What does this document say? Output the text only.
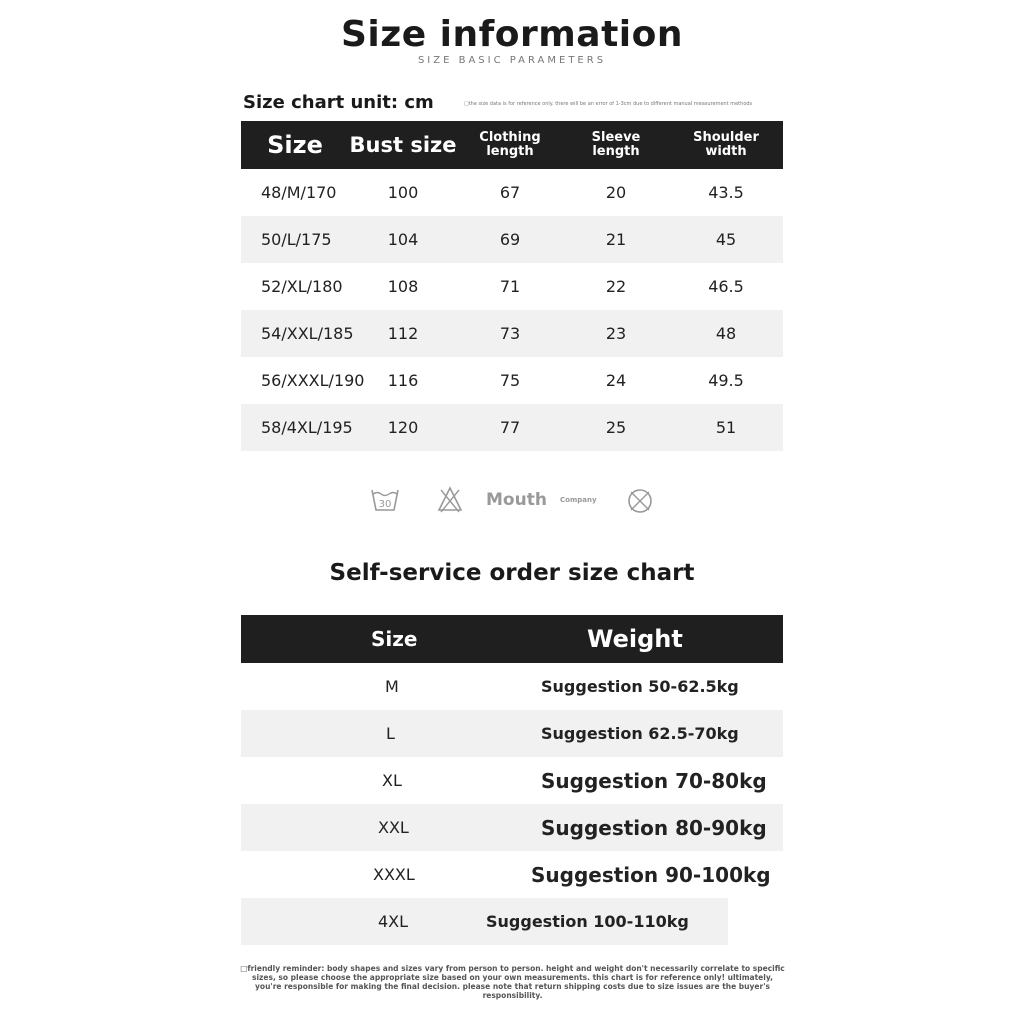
Size information
SIZE BASIC PARAMETERS
Size chart unit: cm	□the size data is for reference only. there will be an error of 1-3cm due to different manual measurement methods
Size	Bust size	Clothing length	Sleeve length	Shoulder width
48/M/170	100	67	20	43.5
50/L/175	104	69	21	45
52/XL/180	108	71	22	46.5
54/XXL/185	112	73	23	48
56/XXXL/190	116	75	24	49.5
58/4XL/195	120	77	25	51
30	Mouth Company
Self-service order size chart
Size	Weight
M	Suggestion 50-62.5kg
L	Suggestion 62.5-70kg
XL	Suggestion 70-80kg
XXL	Suggestion 80-90kg
XXXL	Suggestion 90-100kg
4XL	Suggestion 100-110kg
□friendly reminder: body shapes and sizes vary from person to person. height and weight don't necessarily correlate to specific sizes, so please choose the appropriate size based on your own measurements. this chart is for reference only! ultimately, you're responsible for making the final decision. please note that return shipping costs due to size issues are the buyer's responsibility.
